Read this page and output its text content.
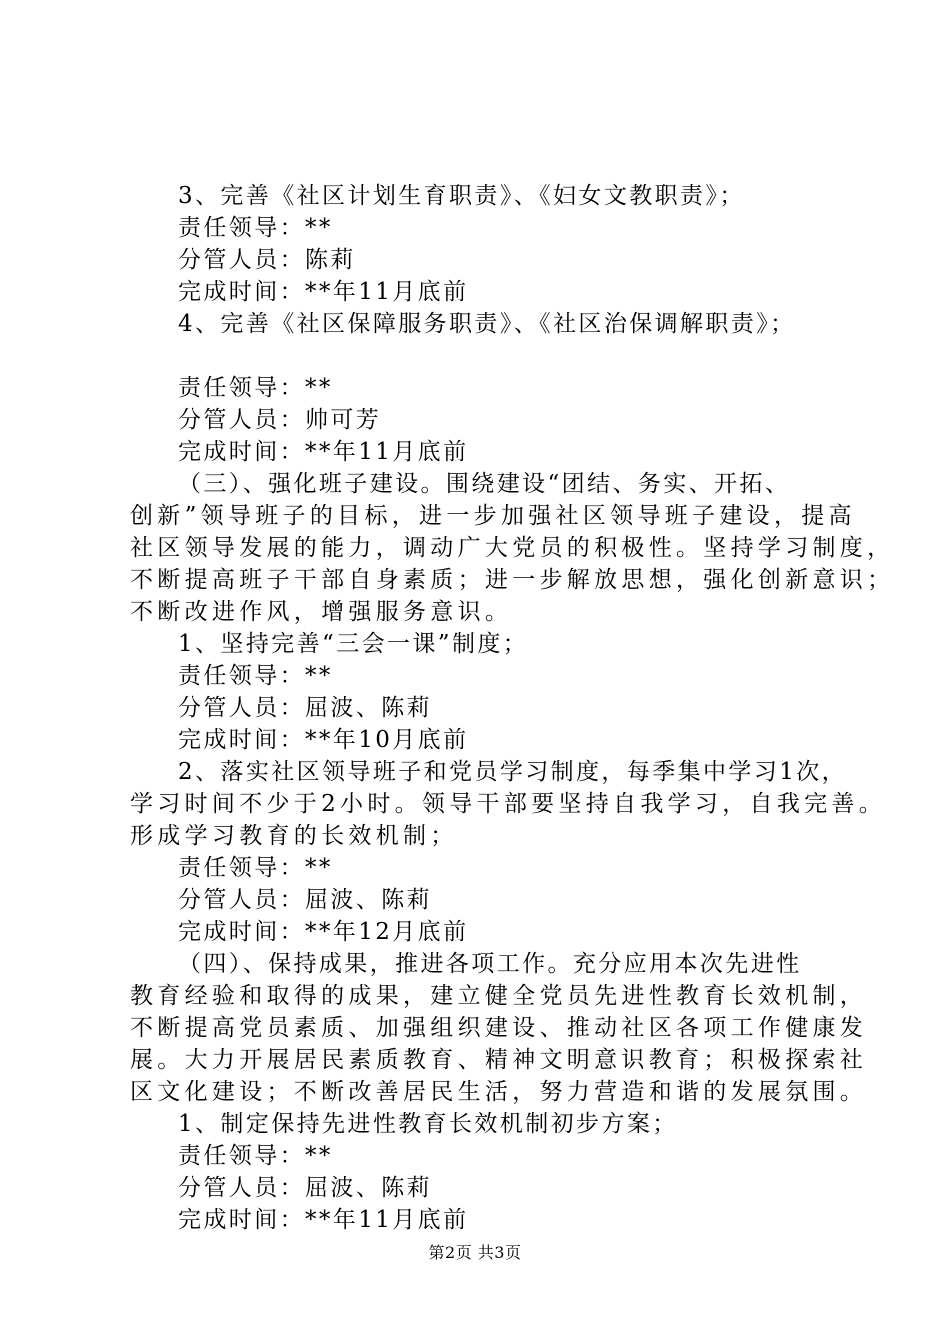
3、完善《社区计划生育职责》、《妇女文教职责》；
责任领导：**
分管人员：陈莉
完成时间：**年11月底前
4、完善《社区保障服务职责》、《社区治保调解职责》；
责任领导：**
分管人员：帅可芳
完成时间：**年11月底前
（三）、强化班子建设。围绕建设“团结、务实、开拓、
创新”领导班子的目标，进一步加强社区领导班子建设，提高
社区领导发展的能力，调动广大党员的积极性。坚持学习制度，
不断提高班子干部自身素质；进一步解放思想，强化创新意识；
不断改进作风，增强服务意识。
1、坚持完善“三会一课”制度；
责任领导：**
分管人员：屈波、陈莉
完成时间：**年10月底前
2、落实社区领导班子和党员学习制度，每季集中学习1次，
学习时间不少于2小时。领导干部要坚持自我学习，自我完善。
形成学习教育的长效机制；
责任领导：**
分管人员：屈波、陈莉
完成时间：**年12月底前
（四）、保持成果，推进各项工作。充分应用本次先进性
教育经验和取得的成果，建立健全党员先进性教育长效机制，
不断提高党员素质、加强组织建设、推动社区各项工作健康发
展。大力开展居民素质教育、精神文明意识教育；积极探索社
区文化建设；不断改善居民生活，努力营造和谐的发展氛围。
1、制定保持先进性教育长效机制初步方案；
责任领导：**
分管人员：屈波、陈莉
完成时间：**年11月底前
第2页 共3页
